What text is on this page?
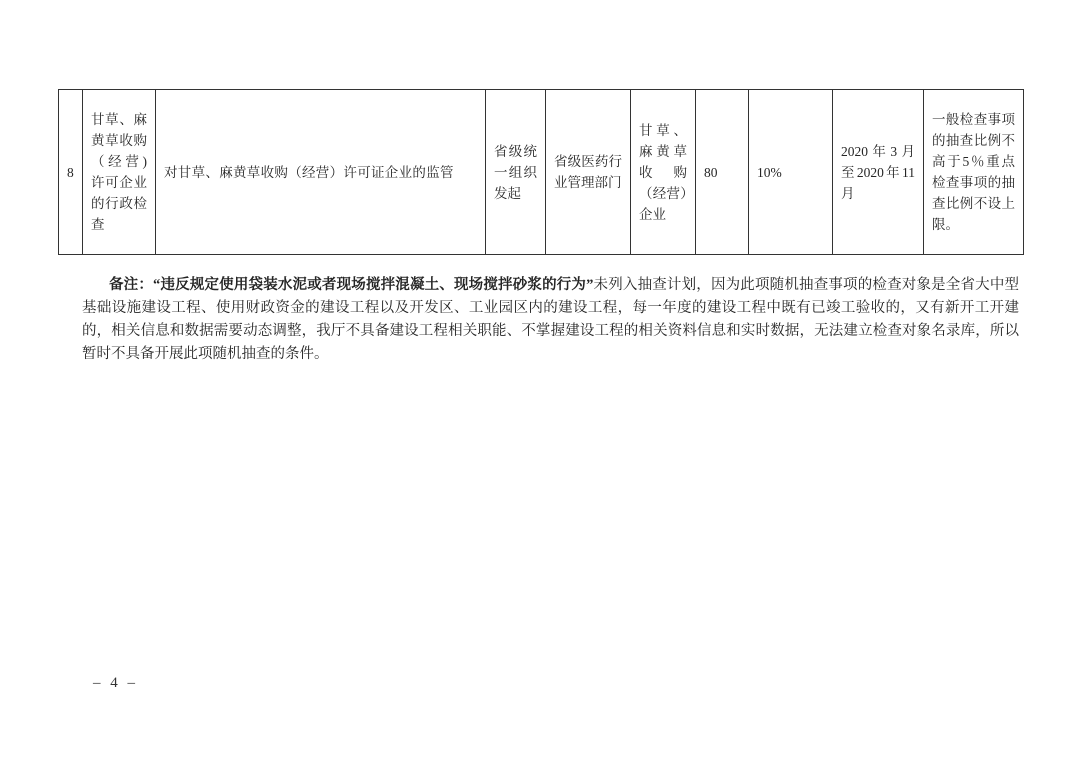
8	甘草、麻黄草收购（经营)许可企业的行政检查	对甘草、麻黄草收购（经营）许可证企业的监管	省级统一组织发起	省级医药行业管理部门	甘草、麻黄草收购（经营）企业	80	10%	2020年3月至2020年11月	一般检查事项的抽查比例不高于5％重点检查事项的抽查比例不设上限。

备注：“违反规定使用袋装水泥或者现场搅拌混凝土、现场搅拌砂浆的行为”未列入抽查计划，因为此项随机抽查事项的检查对象是全省大中型基础设施建设工程、使用财政资金的建设工程以及开发区、工业园区内的建设工程，每一年度的建设工程中既有已竣工验收的，又有新开工开建的，相关信息和数据需要动态调整，我厅不具备建设工程相关职能、不掌握建设工程的相关资料信息和实时数据，无法建立检查对象名录库，所以暂时不具备开展此项随机抽查的条件。

– 4 –
